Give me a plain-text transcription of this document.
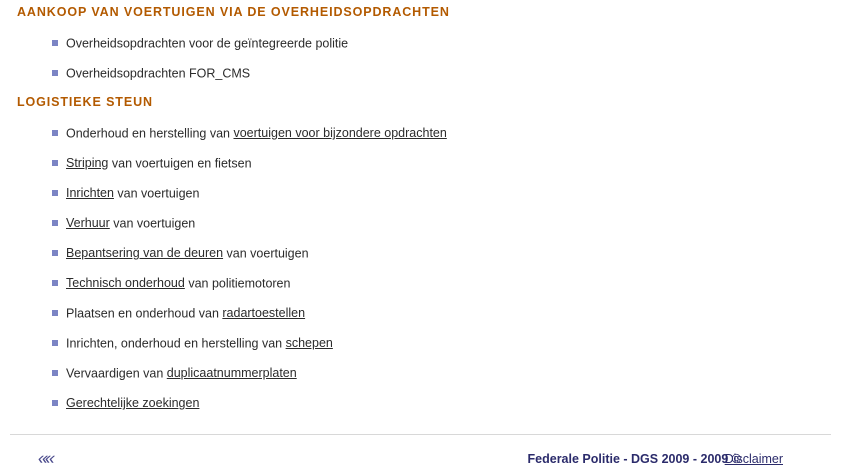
AANKOOP VAN VOERTUIGEN VIA DE OVERHEIDSOPDRACHTEN
Overheidsopdrachten voor de geïntegreerde politie
Overheidsopdrachten FOR_CMS
LOGISTIEKE STEUN
Onderhoud en herstelling van voertuigen voor bijzondere opdrachten
Striping van voertuigen en fietsen
Inrichten van voertuigen
Verhuur van voertuigen
Bepantsering van de deuren van voertuigen
Technisch onderhoud van politiemotoren
Plaatsen en onderhoud van radartoestellen
Inrichten, onderhoud en herstelling van schepen
Vervaardigen van duplicaatnummerplaten
Gerechtelijke zoekingen
««	Federale Politie - DGS 2009 - 2009 ©
Disclaimer
